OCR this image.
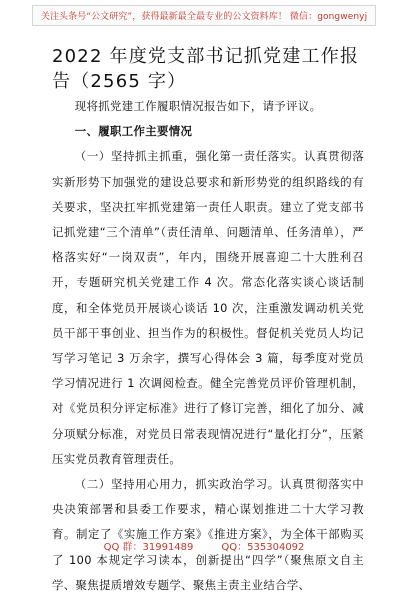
关注头条号“公文研究”，获得最新最全最专业的公文资料库！ 微信：gongwenyj
2022 年度党支部书记抓党建工作报告（2565 字）

现将抓党建工作履职情况报告如下，请予评议。

一、履职工作主要情况

（一）坚持抓主抓重，强化第一责任落实。认真贯彻落实新形势下加强党的建设总要求和新形势党的组织路线的有关要求，坚决扛牢抓党建第一责任人职责。建立了党支部书记抓党建“三个清单”（责任清单、问题清单、任务清单），严格落实好“一岗双责”，年内，围绕开展喜迎二十大胜利召开，专题研究机关党建工作 4 次。常态化落实谈心谈话制度，和全体党员开展谈心谈话 10 次，注重激发调动机关党员干部干事创业、担当作为的积极性。督促机关党员人均记写学习笔记 3 万余字，撰写心得体会 3 篇，每季度对党员学习情况进行 1 次调阅检查。健全完善党员评价管理机制，对《党员积分评定标准》进行了修订完善，细化了加分、减分项赋分标准，对党员日常表现情况进行“量化打分”，压紧压实党员教育管理责任。

（二）坚持用心用力，抓实政治学习。认真贯彻落实中央决策部署和县委工作要求，精心谋划推进二十大学习教育。制定了《实施工作方案》《推进方案》，为全体干部购买了 100 本规定学习读本，创新提出“四学”（聚焦原文自主学、聚焦提质增效专题学、聚焦主责主业结合学、

QQ 群：31991489	QQ：535304092
